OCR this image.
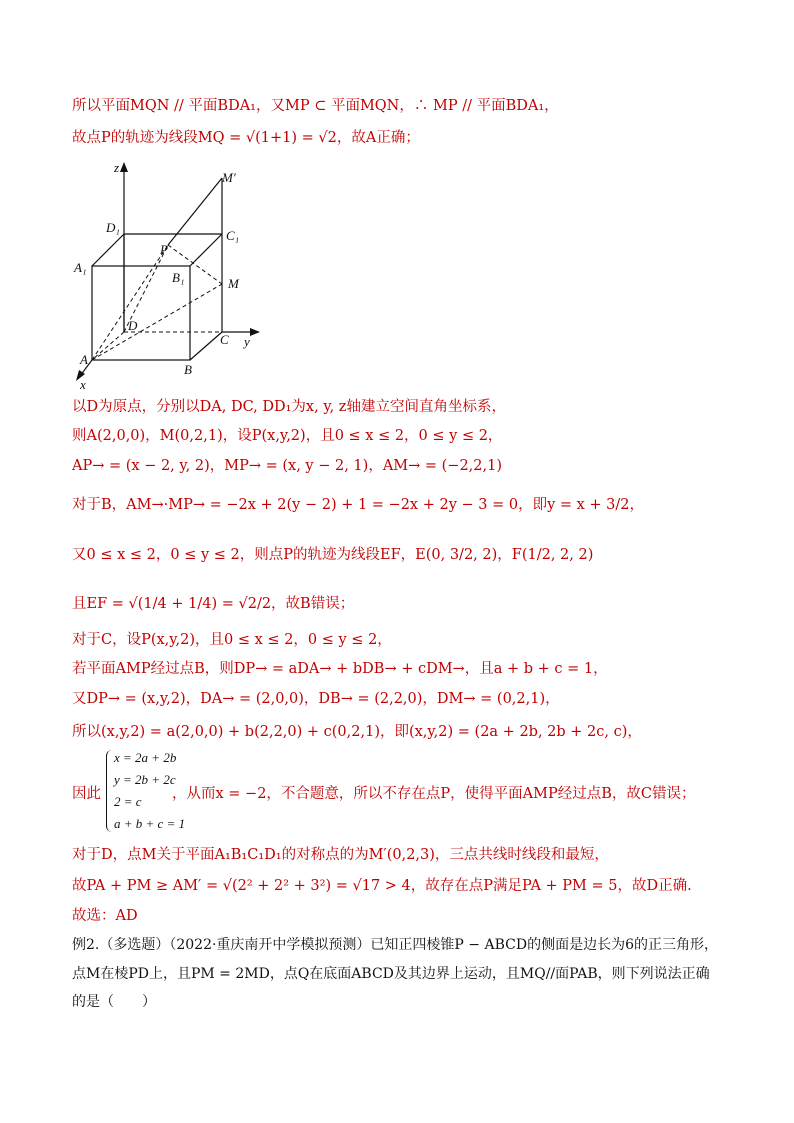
所以平面MQN // 平面BDA₁，又MP ⊂ 平面MQN，∴ MP // 平面BDA₁，
故点P的轨迹为线段MQ = √(1+1) = √2，故A正确；
z
y
x
M′
D₁
C₁
A₁
B₁
P
M
D
C
A
B
以D为原点，分别以DA, DC, DD₁为x, y, z轴建立空间直角坐标系，
则A(2,0,0)，M(0,2,1)，设P(x,y,2)，且0 ≤ x ≤ 2，0 ≤ y ≤ 2，
AP→ = (x − 2, y, 2)，MP→ = (x, y − 2, 1)，AM→ = (−2,2,1)
对于B，AM→·MP→ = −2x + 2(y − 2) + 1 = −2x + 2y − 3 = 0，即y = x + 3/2，
又0 ≤ x ≤ 2，0 ≤ y ≤ 2，则点P的轨迹为线段EF，E(0, 3/2, 2)，F(1/2, 2, 2)
且EF = √(1/4 + 1/4) = √2/2，故B错误；
对于C，设P(x,y,2)，且0 ≤ x ≤ 2，0 ≤ y ≤ 2，
若平面AMP经过点B，则DP→ = aDA→ + bDB→ + cDM→，且a + b + c = 1，
又DP→ = (x,y,2)，DA→ = (2,0,0)，DB→ = (2,2,0)，DM→ = (0,2,1)，
所以(x,y,2) = a(2,0,0) + b(2,2,0) + c(0,2,1)，即(x,y,2) = (2a + 2b, 2b + 2c, c)，
因此
x = 2a + 2b
y = 2b + 2c
2 = c
a + b + c = 1
，从而x = −2，不合题意，所以不存在点P，使得平面AMP经过点B，故C错误；
对于D，点M关于平面A₁B₁C₁D₁的对称点的为M′(0,2,3)，三点共线时线段和最短，
故PA + PM ≥ AM′ = √(2² + 2² + 3²) = √17 > 4，故存在点P满足PA + PM = 5，故D正确.
故选：AD
例2.（多选题）（2022·重庆南开中学模拟预测）已知正四棱锥P − ABCD的侧面是边长为6的正三角形，
点M在棱PD上，且PM = 2MD，点Q在底面ABCD及其边界上运动，且MQ//面PAB，则下列说法正确
的是（　　）
